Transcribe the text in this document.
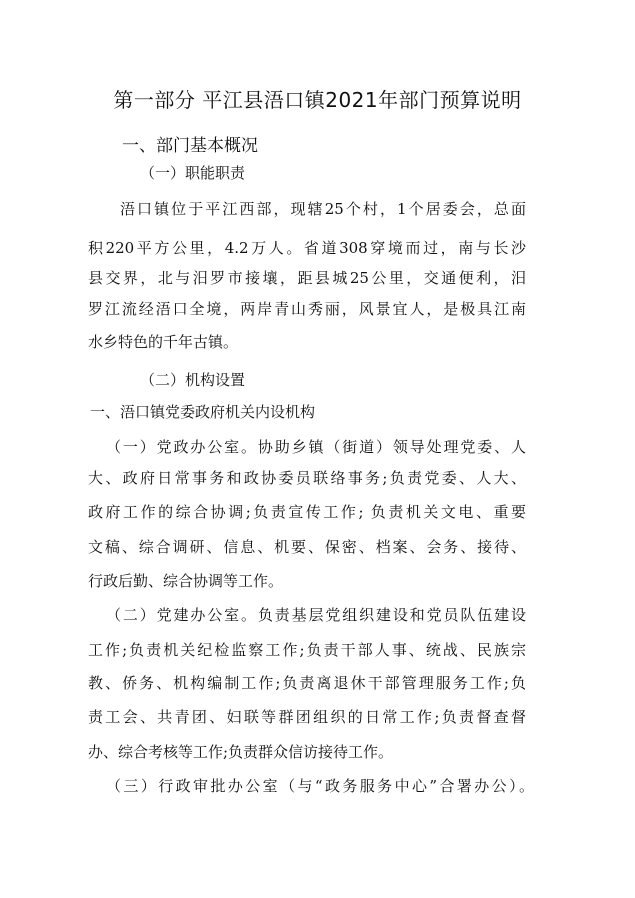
第一部分 平江县浯口镇2021年部门预算说明
一、部门基本概况
（一）职能职责
浯口镇位于平江西部，现辖25个村，1个居委会，总面
积220平方公里，4.2万人。省道308穿境而过，南与长沙
县交界，北与汨罗市接壤，距县城25公里，交通便利，汨
罗江流经浯口全境，两岸青山秀丽，风景宜人，是极具江南
水乡特色的千年古镇。
（二）机构设置
一、浯口镇党委政府机关内设机构
（一）党政办公室。协助乡镇（街道）领导处理党委、人
大、政府日常事务和政协委员联络事务;负责党委、人大、
政府工作的综合协调;负责宣传工作; 负责机关文电、重要
文稿、综合调研、信息、机要、保密、档案、会务、接待、
行政后勤、综合协调等工作。
（二）党建办公室。负责基层党组织建设和党员队伍建设
工作;负责机关纪检监察工作;负责干部人事、统战、民族宗
教、侨务、机构编制工作;负责离退休干部管理服务工作;负
责工会、共青团、妇联等群团组织的日常工作;负责督查督
办、综合考核等工作;负责群众信访接待工作。
（三）行政审批办公室（与“政务服务中心”合署办公）。
